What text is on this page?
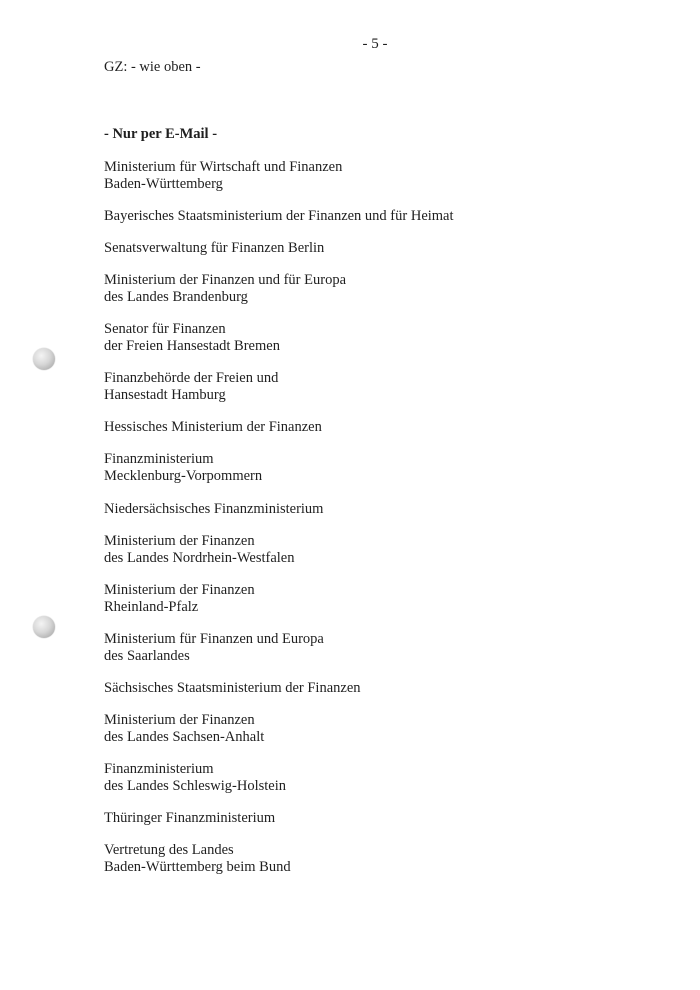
- 5 -
GZ: - wie oben -
- Nur per E-Mail -
Ministerium für Wirtschaft und Finanzen
Baden-Württemberg
Bayerisches Staatsministerium der Finanzen und für Heimat
Senatsverwaltung für Finanzen Berlin
Ministerium der Finanzen und für Europa
des Landes Brandenburg
Senator für Finanzen
der Freien Hansestadt Bremen
Finanzbehörde der Freien und
Hansestadt Hamburg
Hessisches Ministerium der Finanzen
Finanzministerium
Mecklenburg-Vorpommern
Niedersächsisches Finanzministerium
Ministerium der Finanzen
des Landes Nordrhein-Westfalen
Ministerium der Finanzen
Rheinland-Pfalz
Ministerium für Finanzen und Europa
des Saarlandes
Sächsisches Staatsministerium der Finanzen
Ministerium der Finanzen
des Landes Sachsen-Anhalt
Finanzministerium
des Landes Schleswig-Holstein
Thüringer Finanzministerium
Vertretung des Landes
Baden-Württemberg beim Bund
